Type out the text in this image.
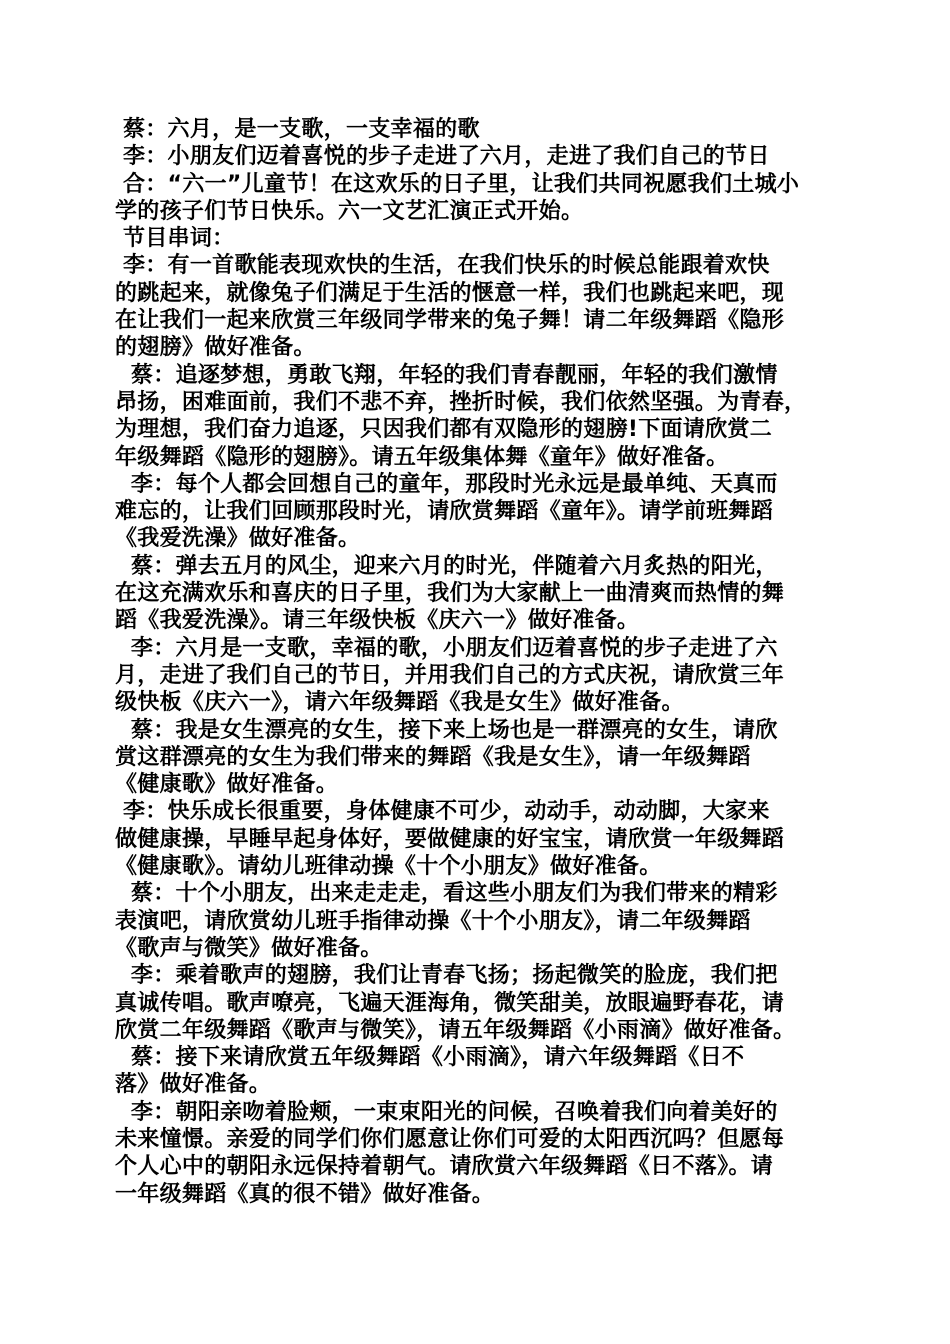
蔡：六月，是一支歌，一支幸福的歌
李：小朋友们迈着喜悦的步子走进了六月，走进了我们自己的节日
合：“六一”儿童节！在这欢乐的日子里，让我们共同祝愿我们土城小
学的孩子们节日快乐。六一文艺汇演正式开始。
节目串词：
李：有一首歌能表现欢快的生活，在我们快乐的时候总能跟着欢快
的跳起来，就像兔子们满足于生活的惬意一样，我们也跳起来吧，现
在让我们一起来欣赏三年级同学带来的兔子舞！请二年级舞蹈《隐形
的翅膀》做好准备。
蔡：追逐梦想，勇敢飞翔，年轻的我们青春靓丽，年轻的我们激情
昂扬，困难面前，我们不悲不弃，挫折时候，我们依然坚强。为青春，
为理想，我们奋力追逐，只因我们都有双隐形的翅膀!下面请欣赏二
年级舞蹈《隐形的翅膀》。请五年级集体舞《童年》做好准备。
李：每个人都会回想自己的童年，那段时光永远是最单纯、天真而
难忘的，让我们回顾那段时光，请欣赏舞蹈《童年》。请学前班舞蹈
《我爱洗澡》做好准备。
蔡：弹去五月的风尘，迎来六月的时光，伴随着六月炙热的阳光，
在这充满欢乐和喜庆的日子里，我们为大家献上一曲清爽而热情的舞
蹈《我爱洗澡》。请三年级快板《庆六一》做好准备。
李：六月是一支歌，幸福的歌，小朋友们迈着喜悦的步子走进了六
月，走进了我们自己的节日，并用我们自己的方式庆祝，请欣赏三年
级快板《庆六一》，请六年级舞蹈《我是女生》做好准备。
蔡：我是女生漂亮的女生，接下来上场也是一群漂亮的女生，请欣
赏这群漂亮的女生为我们带来的舞蹈《我是女生》，请一年级舞蹈
《健康歌》做好准备。
李：快乐成长很重要，身体健康不可少，动动手，动动脚，大家来
做健康操，早睡早起身体好，要做健康的好宝宝，请欣赏一年级舞蹈
《健康歌》。请幼儿班律动操《十个小朋友》做好准备。
蔡：十个小朋友，出来走走走，看这些小朋友们为我们带来的精彩
表演吧，请欣赏幼儿班手指律动操《十个小朋友》，请二年级舞蹈
《歌声与微笑》做好准备。
李：乘着歌声的翅膀，我们让青春飞扬；扬起微笑的脸庞，我们把
真诚传唱。歌声嘹亮，飞遍天涯海角，微笑甜美，放眼遍野春花，请
欣赏二年级舞蹈《歌声与微笑》，请五年级舞蹈《小雨滴》做好准备。
蔡：接下来请欣赏五年级舞蹈《小雨滴》，请六年级舞蹈《日不
落》做好准备。
李：朝阳亲吻着脸颊，一束束阳光的问候，召唤着我们向着美好的
未来憧憬。亲爱的同学们你们愿意让你们可爱的太阳西沉吗？但愿每
个人心中的朝阳永远保持着朝气。请欣赏六年级舞蹈《日不落》。请
一年级舞蹈《真的很不错》做好准备。
